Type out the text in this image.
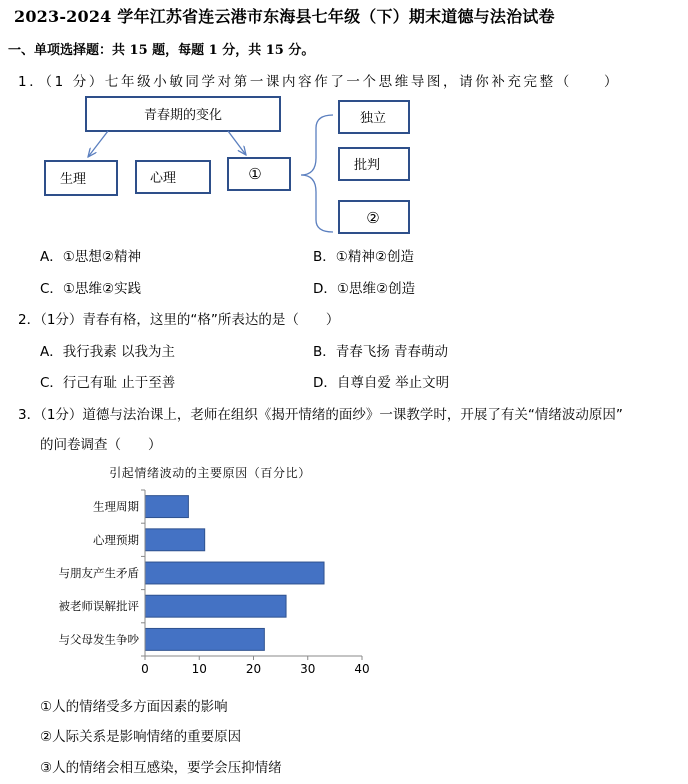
2023-2024 学年江苏省连云港市东海县七年级（下）期末道德与法治试卷
一、单项选择题：共 15 题，每题 1 分，共 15 分。
1．（1 分）七年级小敏同学对第一课内容作了一个思维导图，请你补充完整（　　）
青春期的变化
生理	心理	①
独立
批判
②
A．①思想②精神	B．①精神②创造
C．①思维②实践	D．①思维②创造
2．（1分）青春有格，这里的“格”所表达的是（　　）
A．我行我素 以我为主	B．青春飞扬 青春萌动
C．行己有耻 止于至善	D．自尊自爱 举止文明
3．（1分）道德与法治课上，老师在组织《揭开情绪的面纱》一课教学时，开展了有关“情绪波动原因”
的问卷调查（　　）
引起情绪波动的主要原因（百分比）
生理周期
心理预期
与朋友产生矛盾
被老师误解批评
与父母发生争吵
0	10	20	30	40
①人的情绪受多方面因素的影响
②人际关系是影响情绪的重要原因
③人的情绪会相互感染，要学会压抑情绪
